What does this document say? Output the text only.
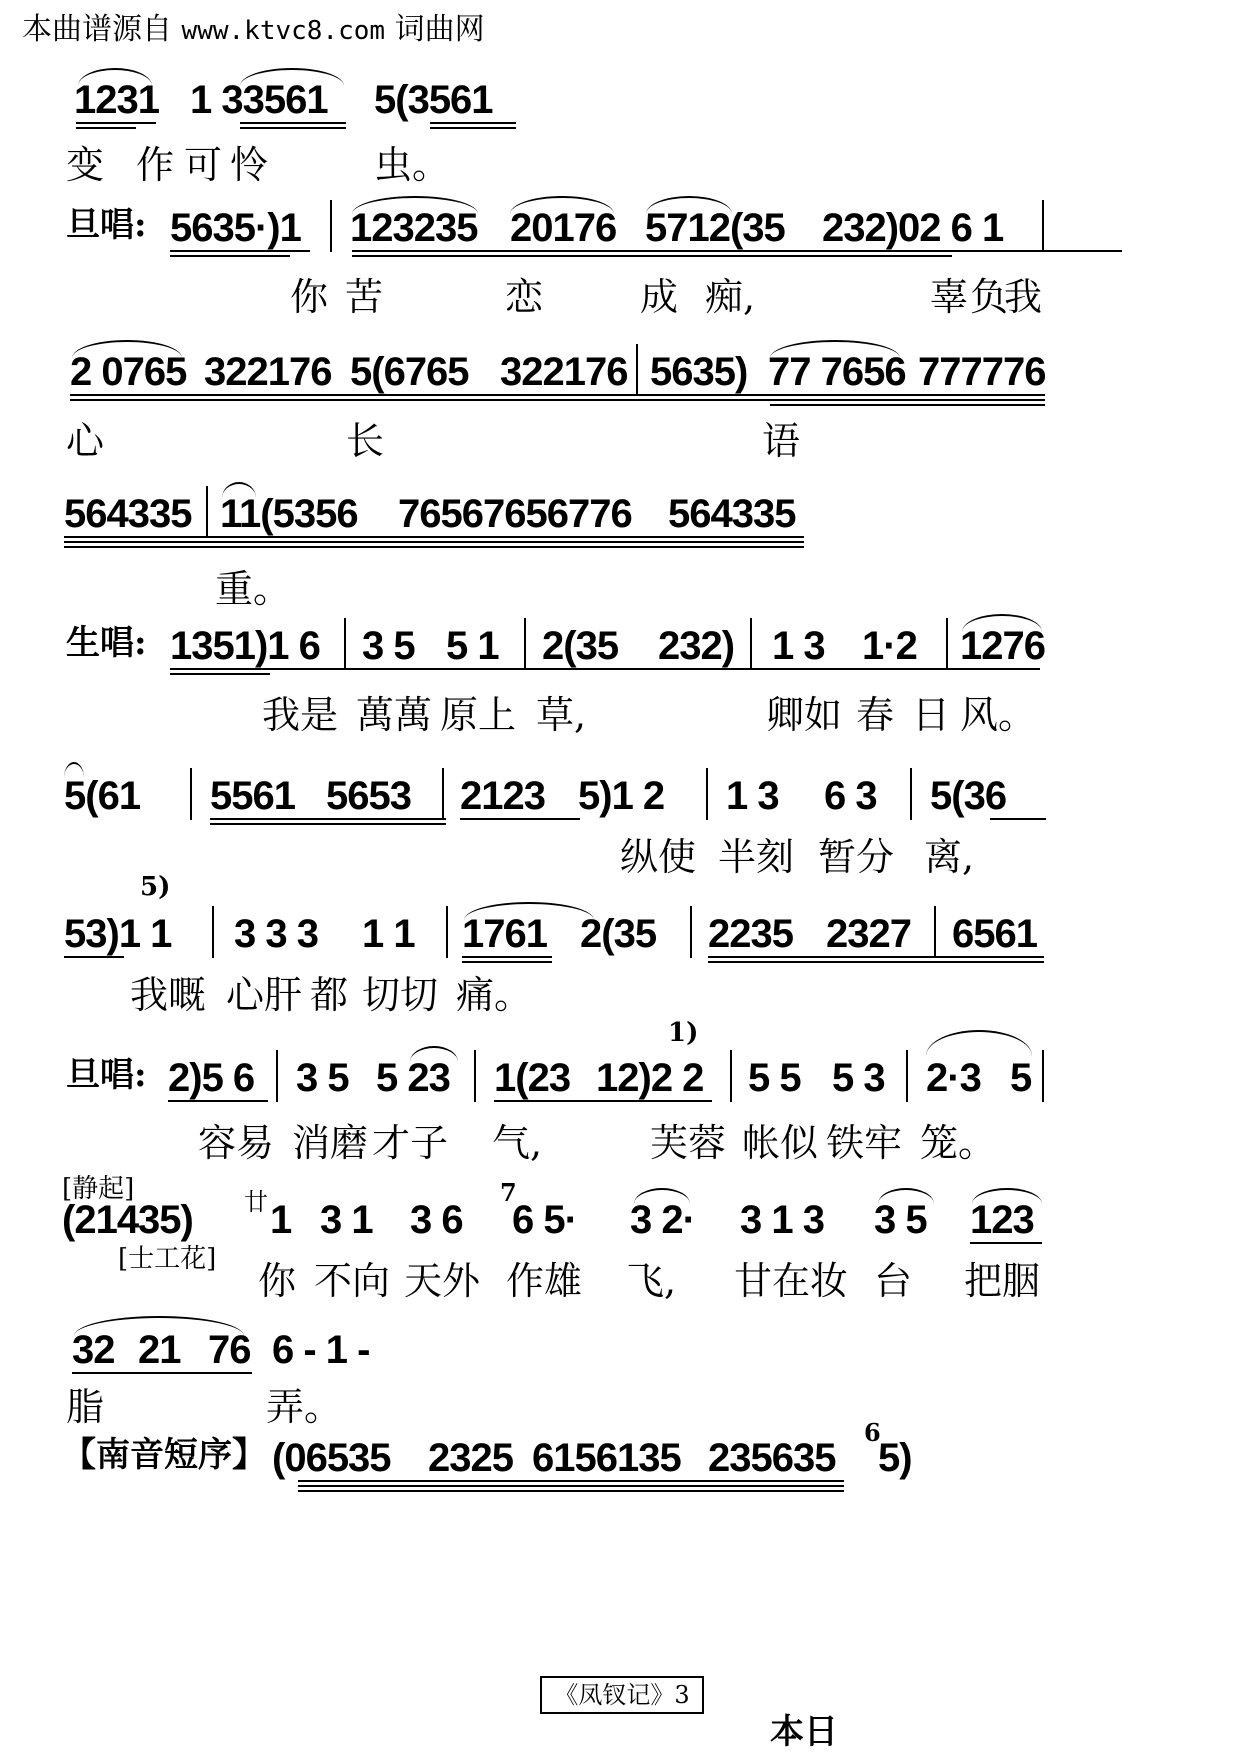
本曲谱源自 www.ktvc8.com 词曲网
1231 1 33561 5(3561
变 作 可 怜	虫。
旦唱: 5635·)1 123235 20176 5712(35 232)02 6 1
你 苦	恋	成 痴,	辜 负
我
2 0765 322176 5(6765 322176 5635) 77 7656 777776
心	长	语
564335 11(5356 76567656776 564335
重。
生唱: 1351)1 6 3 5 5 1 2(35 232) 1 3 1·2 1276
我是 萬萬 原上 草,	卿如 春 日 风。
5(61 5561 5653 2123 5)1 2 1 3 6 3 5(36
纵使 半刻 暂分 离,
5)
53)1 1 3 3 3 1 1 1761 2(35 2235 2327 6561
我嘅 心肝 都 切切 痛。
1)
旦唱: 2)5 6 3 5 5 23 1(23 12)2 2 5 5 5 3 2·3 5
容易 消磨 才子 气,	芙蓉 帐似 铁牢 笼。
[静起]
(21435) 廿
[士工花]
1 3 1 3 6
7
6 5· 3 2· 3 1 3 3 5 123
你 不向 天外 作雄 飞, 甘在妆 台 把胭
32 21 76 6 - 1 -
脂	弄。
【南音短序】 (06535 2325 6156135 235635
6
5)
《凤钗记》3
本日
